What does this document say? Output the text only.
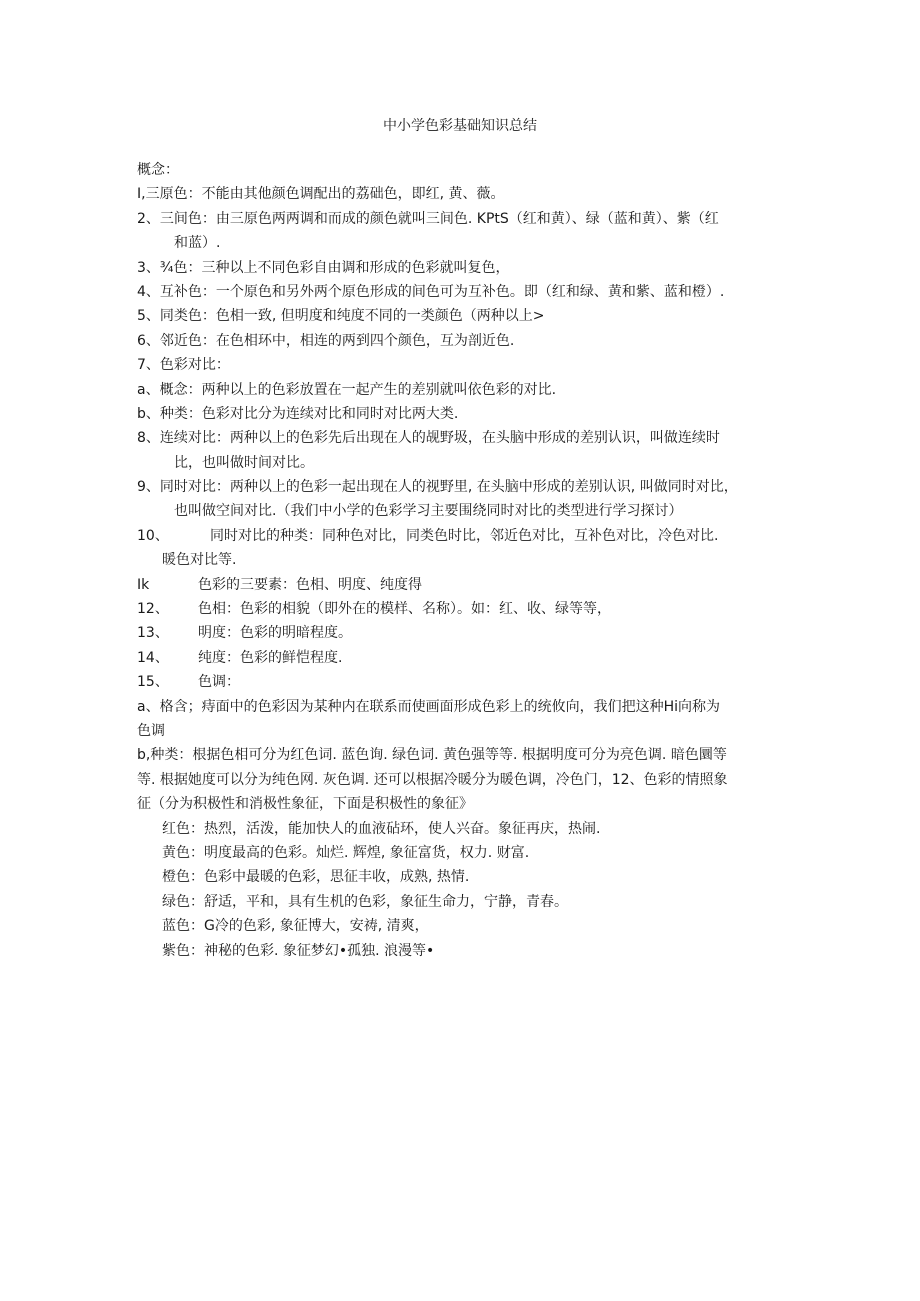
中小学色彩基础知识总结
概念：
I,三原色：不能由其他颜色调配出的荔础色，即红, 黄、薇。
2、三间色：由三原色两两调和而成的颜色就叫三间色. KPtS（红和黄）、绿（蓝和黄）、紫（红
和蓝）.
3、¾色：三种以上不同色彩自由调和形成的色彩就叫复色，
4、互补色：一个原色和另外两个原色形成的间色可为互补色。即（红和绿、黄和紫、蓝和橙）.
5、同类色：色相一致, 但明度和纯度不同的一类颜色（两种以上>
6、邻近色：在色相环中，相连的两到四个颜色，互为剖近色.
7、色彩对比：
a、概念：两种以上的色彩放置在一起产生的差别就叫依色彩的对比.
b、种类：色彩对比分为连续对比和同时对比两大类.
8、连续对比：两种以上的色彩先后出现在人的觇野圾，在头脑中形成的差别认识，叫做连续时
比，也叫做时间对比。
9、同时对比：两种以上的色彩一起出现在人的视野里, 在头脑中形成的差别认识, 叫做同时对比，
也叫做空间对比.（我们中小学的色彩学习主要围绕同时对比的类型进行学习探讨）
10、	同时对比的种类：同种色对比，同类色时比，邻近色对比，互补色对比，冷色对比.
暖色对比等.
Ik	色彩的三要素：色相、明度、纯度得
12、 色相：色彩的相貌（即外在的模样、名称）。如：红、收、绿等等，
13、 明度：色彩的明暗程度。
14、 纯度：色彩的鲜恺程度.
15、 色调：
a、格含；痔面中的色彩因为某种内在联系而使画面形成色彩上的统攸向，我们把这种Hi向称为
色调
b,种类：根据色相可分为红色词. 蓝色询. 绿色词. 黄色强等等. 根据明度可分为亮色调. 暗色圜等
等. 根据她度可以分为纯色网. 灰色调. 还可以根据冷暖分为暖色调，冷色门，12、色彩的情照象
征（分为积极性和消极性象征，下面是积极性的象征》
红色：热烈，活泼，能加快人的血液砧环，使人兴奋。象征再庆，热闹.
黄色：明度最高的色彩。灿烂. 辉煌, 象征富货，权力. 财富.
橙色：色彩中最暖的色彩，思征丰收，成熟, 热情.
绿色：舒适，平和，具有生机的色彩，象征生命力，宁静，青春。
蓝色：G冷的色彩, 象征博大，安祷, 清爽，
紫色：神秘的色彩. 象征梦幻•孤独. 浪漫等•
